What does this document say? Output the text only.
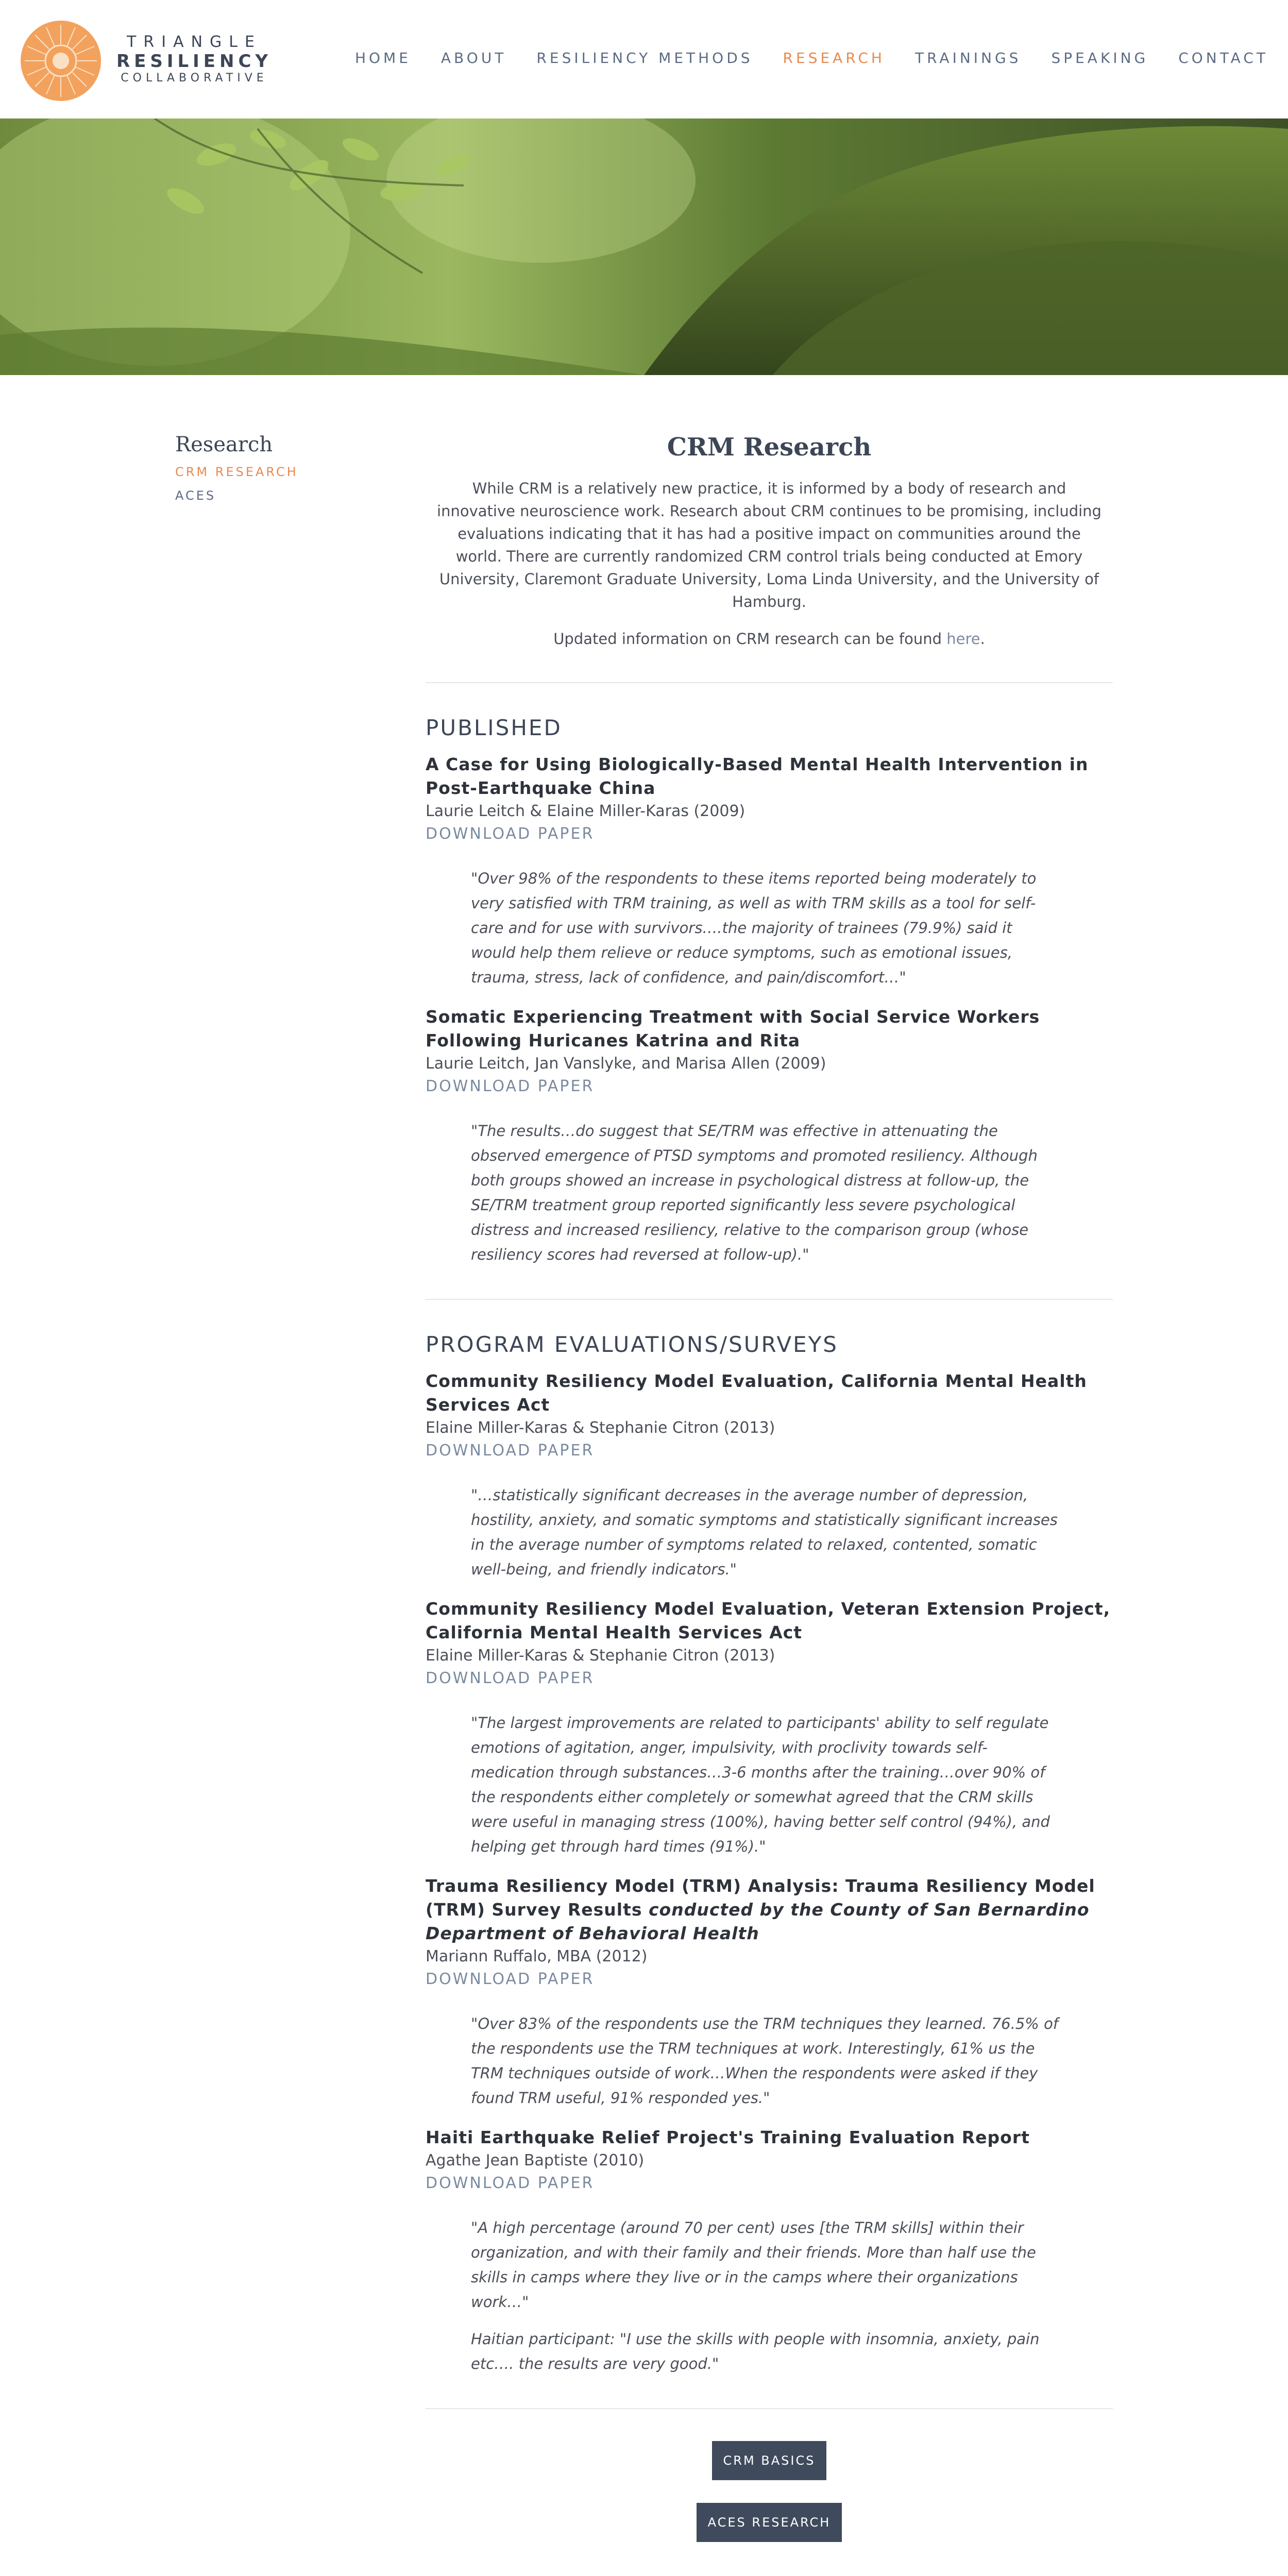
TRIANGLE
RESILIENCY
COLLABORATIVE
HOME ABOUT RESILIENCY METHODS RESEARCH TRAININGS SPEAKING CONTACT
Research
CRM RESEARCH
ACES
CRM Research

While CRM is a relatively new practice, it is informed by a body of research and innovative neuroscience work. Research about CRM continues to be promising, including evaluations indicating that it has had a positive impact on communities around the world. There are currently randomized CRM control trials being conducted at Emory University, Claremont Graduate University, Loma Linda University, and the University of Hamburg.

Updated information on CRM research can be found here.

PUBLISHED
A Case for Using Biologically-Based Mental Health Intervention in Post-Earthquake China
Laurie Leitch & Elaine Miller-Karas (2009)
DOWNLOAD PAPER

"Over 98% of the respondents to these items reported being moderately to very satisfied with TRM training, as well as with TRM skills as a tool for self-care and for use with survivors….the majority of trainees (79.9%) said it would help them relieve or reduce symptoms, such as emotional issues, trauma, stress, lack of confidence, and pain/discomfort…"

Somatic Experiencing Treatment with Social Service Workers Following Huricanes Katrina and Rita
Laurie Leitch, Jan Vanslyke, and Marisa Allen (2009)
DOWNLOAD PAPER

"The results…do suggest that SE/TRM was effective in attenuating the observed emergence of PTSD symptoms and promoted resiliency. Although both groups showed an increase in psychological distress at follow-up, the SE/TRM treatment group reported significantly less severe psychological distress and increased resiliency, relative to the comparison group (whose resiliency scores had reversed at follow-up)."

PROGRAM EVALUATIONS/SURVEYS
Community Resiliency Model Evaluation, California Mental Health Services Act
Elaine Miller-Karas & Stephanie Citron (2013)
DOWNLOAD PAPER

"…statistically significant decreases in the average number of depression, hostility, anxiety, and somatic symptoms and statistically significant increases in the average number of symptoms related to relaxed, contented, somatic well-being, and friendly indicators."

Community Resiliency Model Evaluation, Veteran Extension Project, California Mental Health Services Act
Elaine Miller-Karas & Stephanie Citron (2013)
DOWNLOAD PAPER

"The largest improvements are related to participants' ability to self regulate emotions of agitation, anger, impulsivity, with proclivity towards self-medication through substances…3-6 months after the training…over 90% of the respondents either completely or somewhat agreed that the CRM skills were useful in managing stress (100%), having better self control (94%), and helping get through hard times (91%)."

Trauma Resiliency Model (TRM) Analysis: Trauma Resiliency Model (TRM) Survey Results conducted by the County of San Bernardino Department of Behavioral Health
Mariann Ruffalo, MBA (2012)
DOWNLOAD PAPER

"Over 83% of the respondents use the TRM techniques they learned. 76.5% of the respondents use the TRM techniques at work. Interestingly, 61% us the TRM techniques outside of work…When the respondents were asked if they found TRM useful, 91% responded yes."

Haiti Earthquake Relief Project's Training Evaluation Report
Agathe Jean Baptiste (2010)
DOWNLOAD PAPER

"A high percentage (around 70 per cent) uses [the TRM skills] within their organization, and with their family and their friends. More than half use the skills in camps where they live or in the camps where their organizations work…"

Haitian participant: "I use the skills with people with insomnia, anxiety, pain etc…. the results are very good."

CRM BASICS
ACES RESEARCH
